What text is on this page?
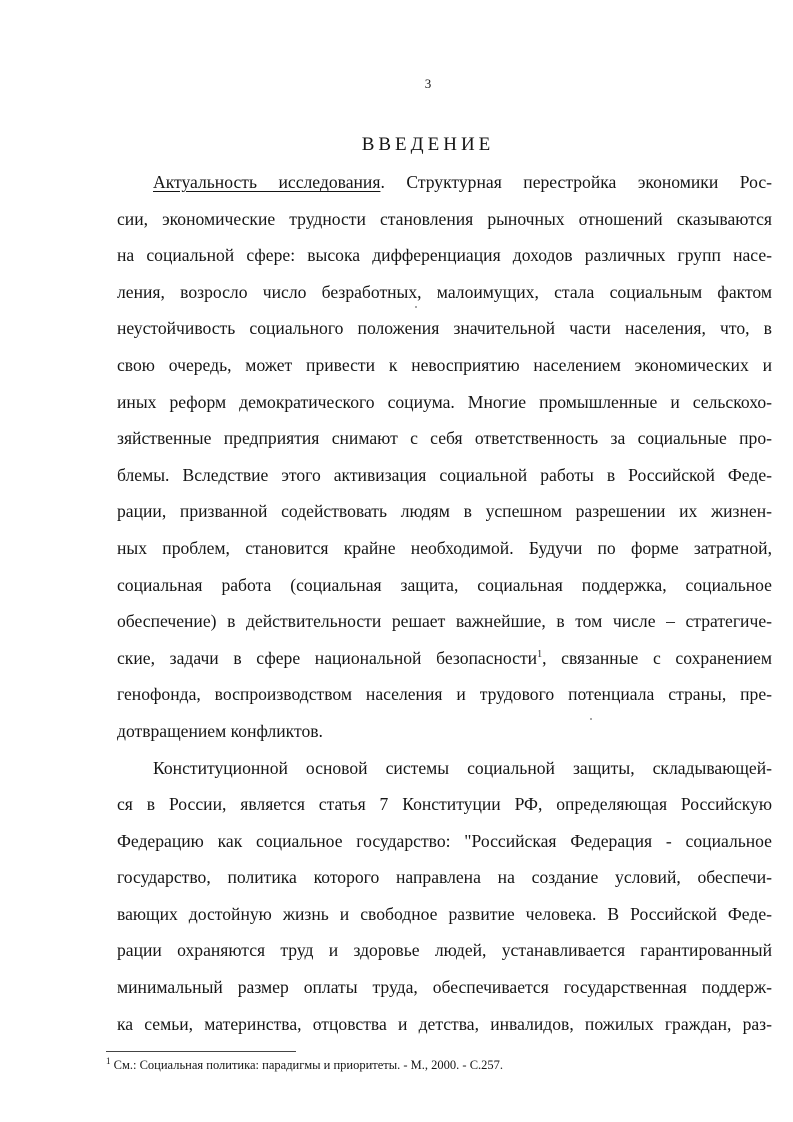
3
ВВЕДЕНИЕ
Актуальность исследования. Структурная перестройка экономики Рос-
сии, экономические трудности становления рыночных отношений сказываются
на социальной сфере: высока дифференциация доходов различных групп насе-
ления, возросло число безработных, малоимущих, стала социальным фактом
неустойчивость социального положения значительной части населения, что, в
свою очередь, может привести к невосприятию населением экономических и
иных реформ демократического социума. Многие промышленные и сельскохо-
зяйственные предприятия снимают с себя ответственность за социальные про-
блемы. Вследствие этого активизация социальной работы в Российской Феде-
рации, призванной содействовать людям в успешном разрешении их жизнен-
ных проблем, становится крайне необходимой. Будучи по форме затратной,
социальная работа (социальная защита, социальная поддержка, социальное
обеспечение) в действительности решает важнейшие, в том числе – стратегиче-
ские, задачи в сфере национальной безопасности$^1$, связанные с сохранением
генофонда, воспроизводством населения и трудового потенциала страны, пре-
дотвращением конфликтов.
Конституционной основой системы социальной защиты, складывающей-
ся в России, является статья 7 Конституции РФ, определяющая Российскую
Федерацию как социальное государство: "Российская Федерация - социальное
государство, политика которого направлена на создание условий, обеспечи-
вающих достойную жизнь и свободное развитие человека. В Российской Феде-
рации охраняются труд и здоровье людей, устанавливается гарантированный
минимальный размер оплаты труда, обеспечивается государственная поддерж-
ка семьи, материнства, отцовства и детства, инвалидов, пожилых граждан, раз-
$^1$ См.: Социальная политика: парадигмы и приоритеты. - М., 2000. - С.257.
